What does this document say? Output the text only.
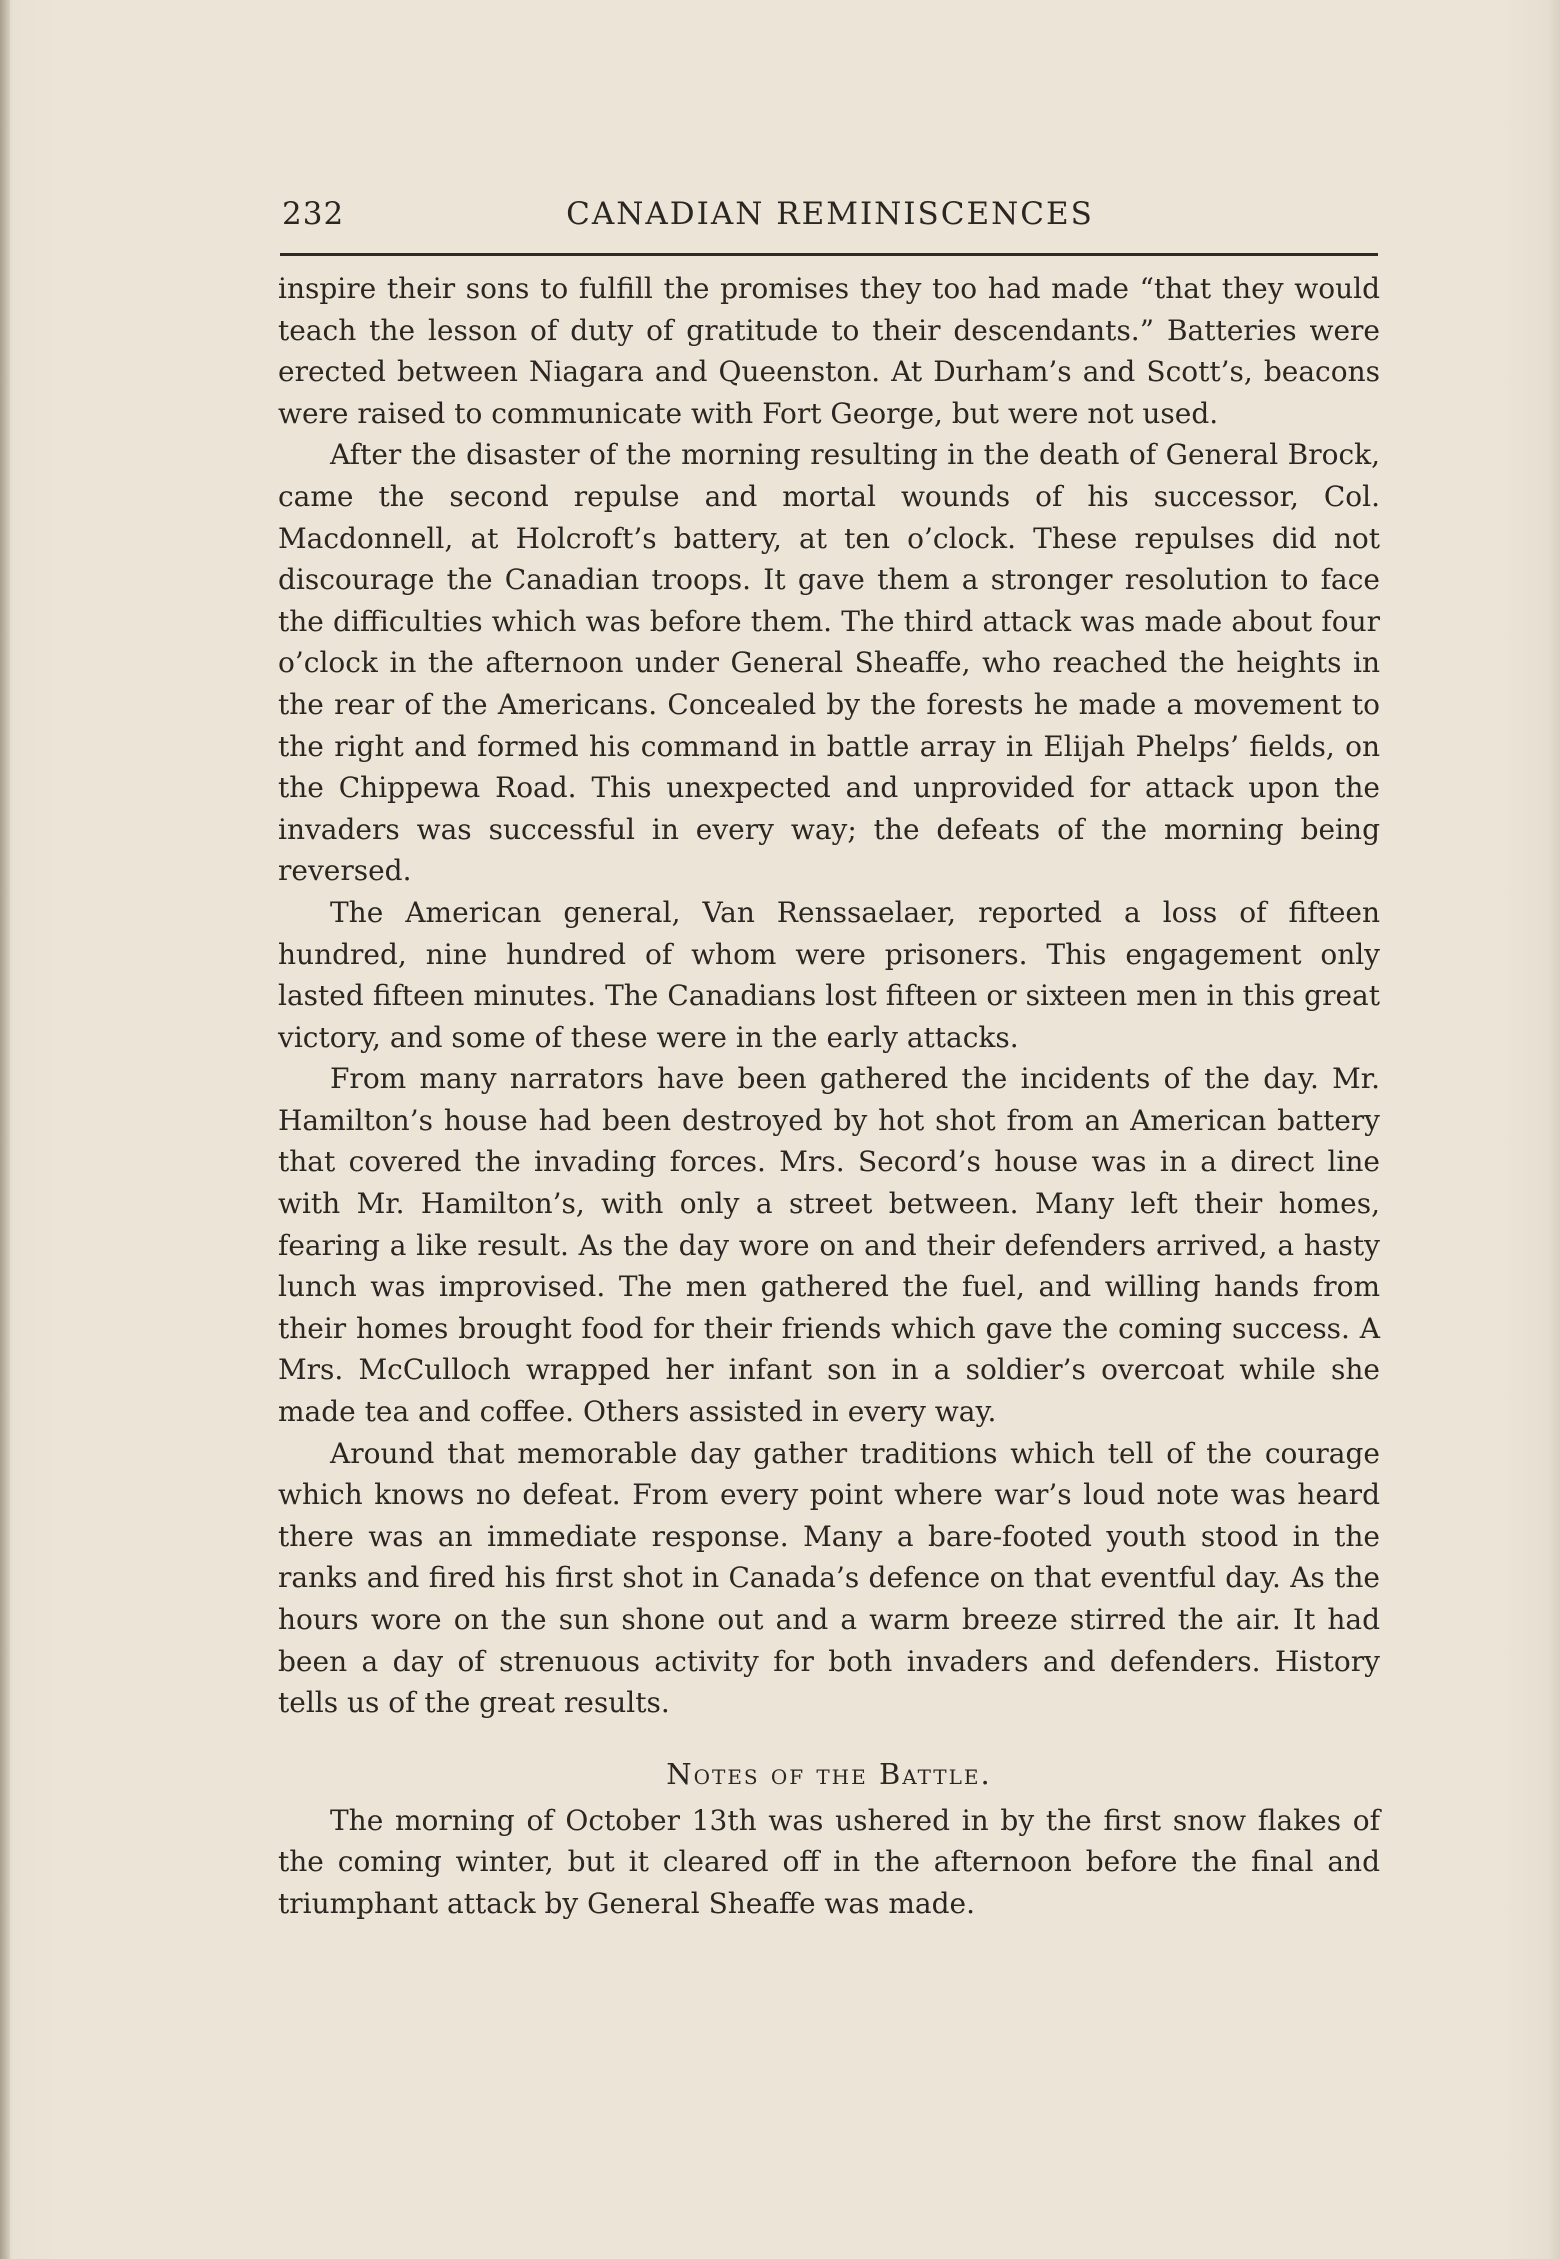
232	CANADIAN REMINISCENCES

inspire their sons to fulfill the promises they too had made “that they would teach the lesson of duty of gratitude to their descendants.” Batteries were erected between Niagara and Queenston. At Durham’s and Scott’s, beacons were raised to communicate with Fort George, but were not used.

After the disaster of the morning resulting in the death of General Brock, came the second repulse and mortal wounds of his successor, Col. Macdonnell, at Holcroft’s battery, at ten o’clock. These repulses did not discourage the Canadian troops. It gave them a stronger resolution to face the difficulties which was before them. The third attack was made about four o’clock in the afternoon under General Sheaffe, who reached the heights in the rear of the Americans. Concealed by the forests he made a movement to the right and formed his command in battle array in Elijah Phelps’ fields, on the Chippewa Road. This unexpected and unprovided for attack upon the invaders was successful in every way; the defeats of the morning being reversed.

The American general, Van Renssaelaer, reported a loss of fifteen hundred, nine hundred of whom were prisoners. This engagement only lasted fifteen minutes. The Canadians lost fifteen or sixteen men in this great victory, and some of these were in the early attacks.

From many narrators have been gathered the incidents of the day. Mr. Hamilton’s house had been destroyed by hot shot from an American battery that covered the invading forces. Mrs. Secord’s house was in a direct line with Mr. Hamilton’s, with only a street between. Many left their homes, fearing a like result. As the day wore on and their defenders arrived, a hasty lunch was improvised. The men gathered the fuel, and willing hands from their homes brought food for their friends which gave the coming success. A Mrs. McCulloch wrapped her infant son in a soldier’s overcoat while she made tea and coffee. Others assisted in every way.

Around that memorable day gather traditions which tell of the courage which knows no defeat. From every point where war’s loud note was heard there was an immediate response. Many a bare-footed youth stood in the ranks and fired his first shot in Canada’s defence on that eventful day. As the hours wore on the sun shone out and a warm breeze stirred the air. It had been a day of strenuous activity for both invaders and defenders. History tells us of the great results.

Notes of the Battle.

The morning of October 13th was ushered in by the first snow flakes of the coming winter, but it cleared off in the afternoon before the final and triumphant attack by General Sheaffe was made.
